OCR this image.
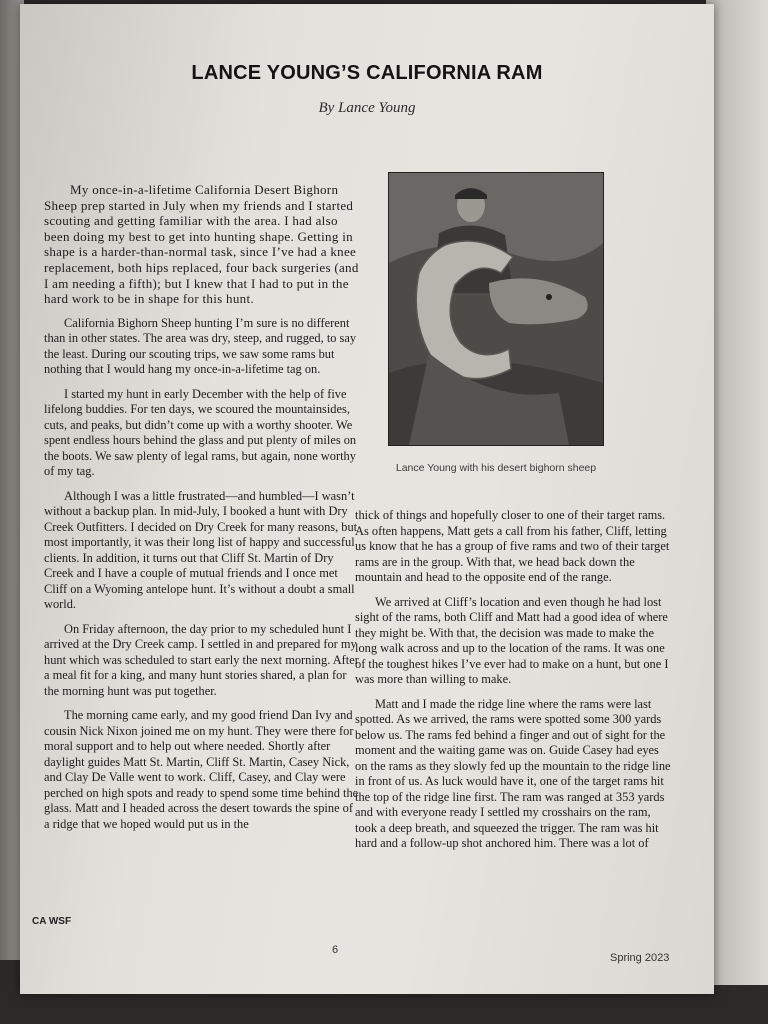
LANCE YOUNG’S CALIFORNIA RAM
By Lance Young

My once-in-a-lifetime California Desert Bighorn Sheep prep started in July when my friends and I started scouting and getting familiar with the area. I had also been doing my best to get into hunting shape. Getting in shape is a harder-than-normal task, since I’ve had a knee replacement, both hips replaced, four back surgeries (and I am needing a fifth); but I knew that I had to put in the hard work to be in shape for this hunt.

California Bighorn Sheep hunting I’m sure is no different than in other states. The area was dry, steep, and rugged, to say the least. During our scouting trips, we saw some rams but nothing that I would hang my once-in-a-lifetime tag on.

I started my hunt in early December with the help of five lifelong buddies. For ten days, we scoured the mountainsides, cuts, and peaks, but didn’t come up with a worthy shooter. We spent endless hours behind the glass and put plenty of miles on the boots. We saw plenty of legal rams, but again, none worthy of my tag.

Although I was a little frustrated—and humbled—I wasn’t without a backup plan. In mid-July, I booked a hunt with Dry Creek Outfitters. I decided on Dry Creek for many reasons, but most importantly, it was their long list of happy and successful clients. In addition, it turns out that Cliff St. Martin of Dry Creek and I have a couple of mutual friends and I once met Cliff on a Wyoming antelope hunt. It’s without a doubt a small world.

On Friday afternoon, the day prior to my scheduled hunt I arrived at the Dry Creek camp. I settled in and prepared for my hunt which was scheduled to start early the next morning. After a meal fit for a king, and many hunt stories shared, a plan for the morning hunt was put together.

The morning came early, and my good friend Dan Ivy and cousin Nick Nixon joined me on my hunt. They were there for moral support and to help out where needed. Shortly after daylight guides Matt St. Martin, Cliff St. Martin, Casey Nick, and Clay De Valle went to work. Cliff, Casey, and Clay were perched on high spots and ready to spend some time behind the glass. Matt and I headed across the desert towards the spine of a ridge that we hoped would put us in the

Lance Young with his desert bighorn sheep

thick of things and hopefully closer to one of their target rams. As often happens, Matt gets a call from his father, Cliff, letting us know that he has a group of five rams and two of their target rams are in the group. With that, we head back down the mountain and head to the opposite end of the range.

We arrived at Cliff’s location and even though he had lost sight of the rams, both Cliff and Matt had a good idea of where they might be. With that, the decision was made to make the long walk across and up to the location of the rams. It was one of the toughest hikes I’ve ever had to make on a hunt, but one I was more than willing to make.

Matt and I made the ridge line where the rams were last spotted. As we arrived, the rams were spotted some 300 yards below us. The rams fed behind a finger and out of sight for the moment and the waiting game was on. Guide Casey had eyes on the rams as they slowly fed up the mountain to the ridge line in front of us. As luck would have it, one of the target rams hit the top of the ridge line first. The ram was ranged at 353 yards and with everyone ready I settled my crosshairs on the ram, took a deep breath, and squeezed the trigger. The ram was hit hard and a follow-up shot anchored him. There was a lot of

CA WSF
6
Spring 2023
